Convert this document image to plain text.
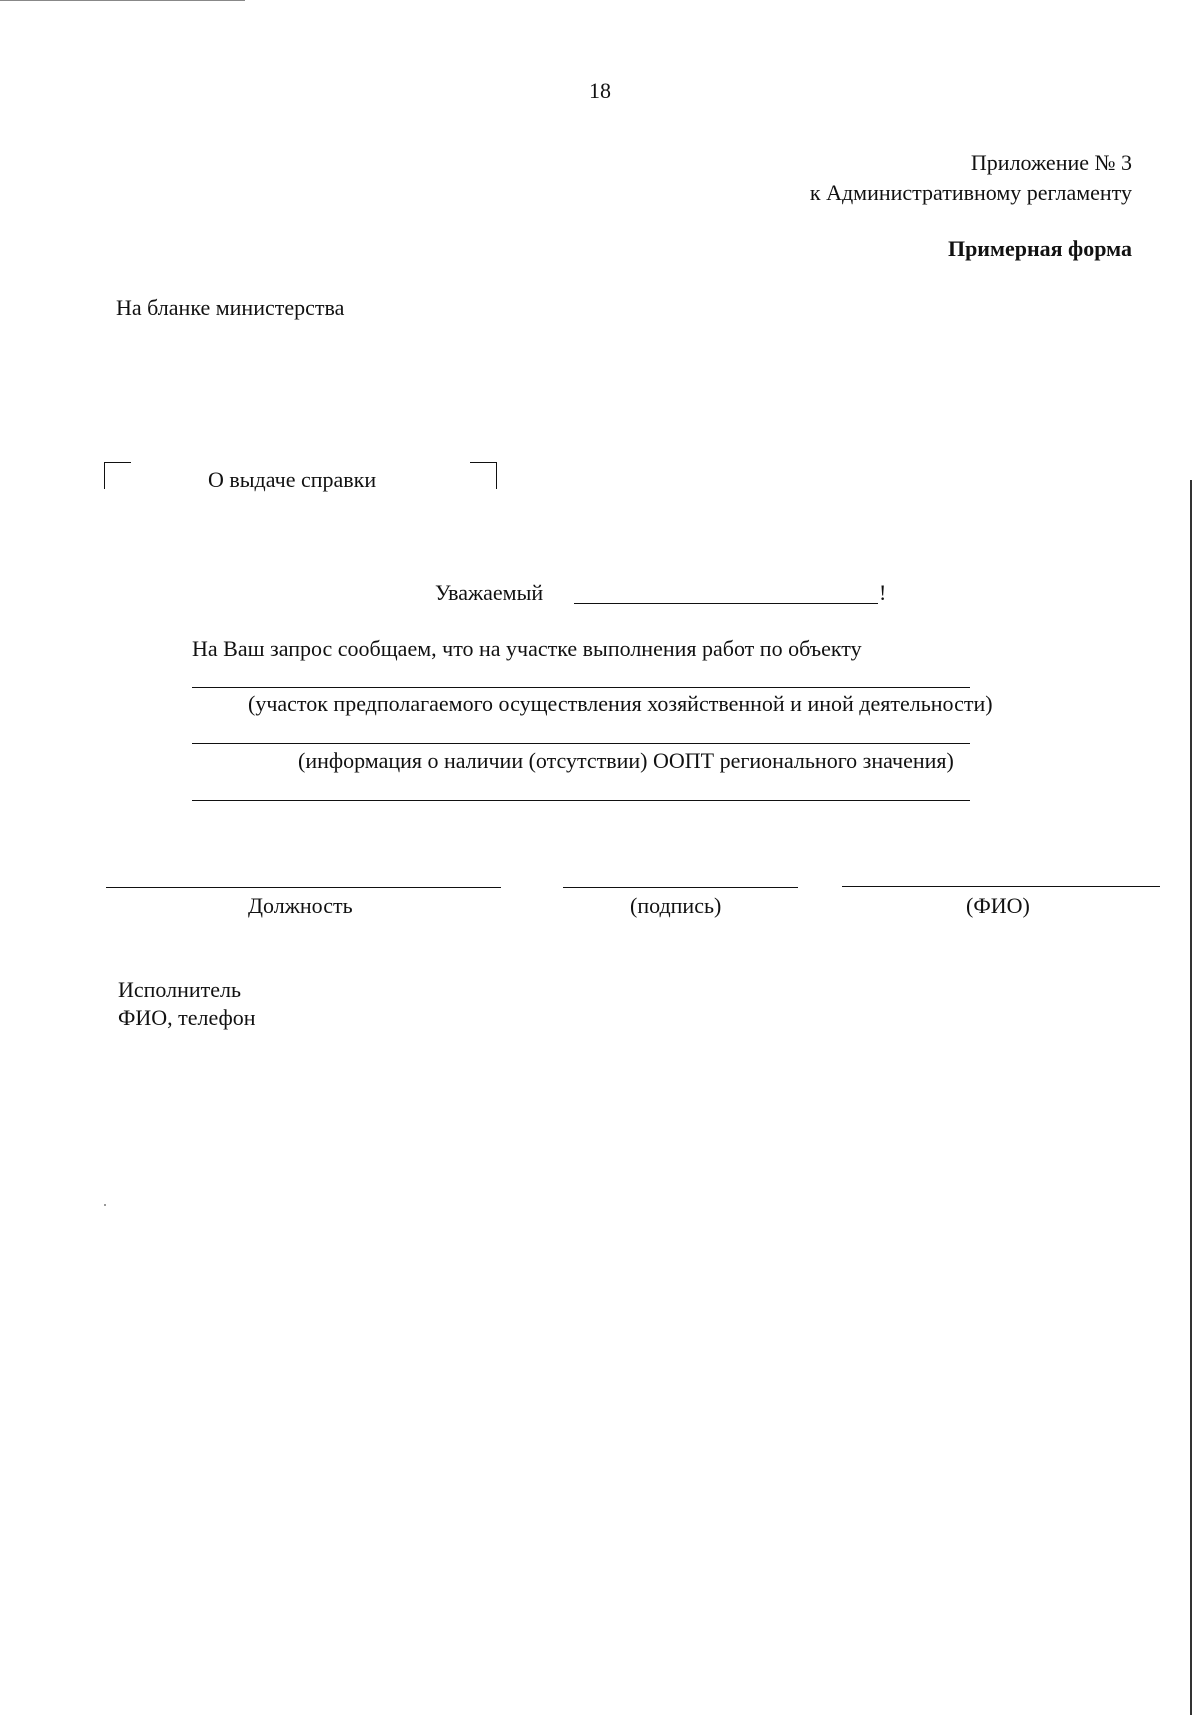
18
Приложение № 3
к Административному регламенту
Примерная форма
На бланке министерства
О выдаче справки
Уважаемый	!
На Ваш запрос сообщаем, что на участке выполнения работ по объекту
(участок предполагаемого осуществления хозяйственной и иной деятельности)
(информация о наличии (отсутствии) ООПТ регионального значения)
Должность	(подпись)	(ФИО)
Исполнитель
ФИО, телефон
